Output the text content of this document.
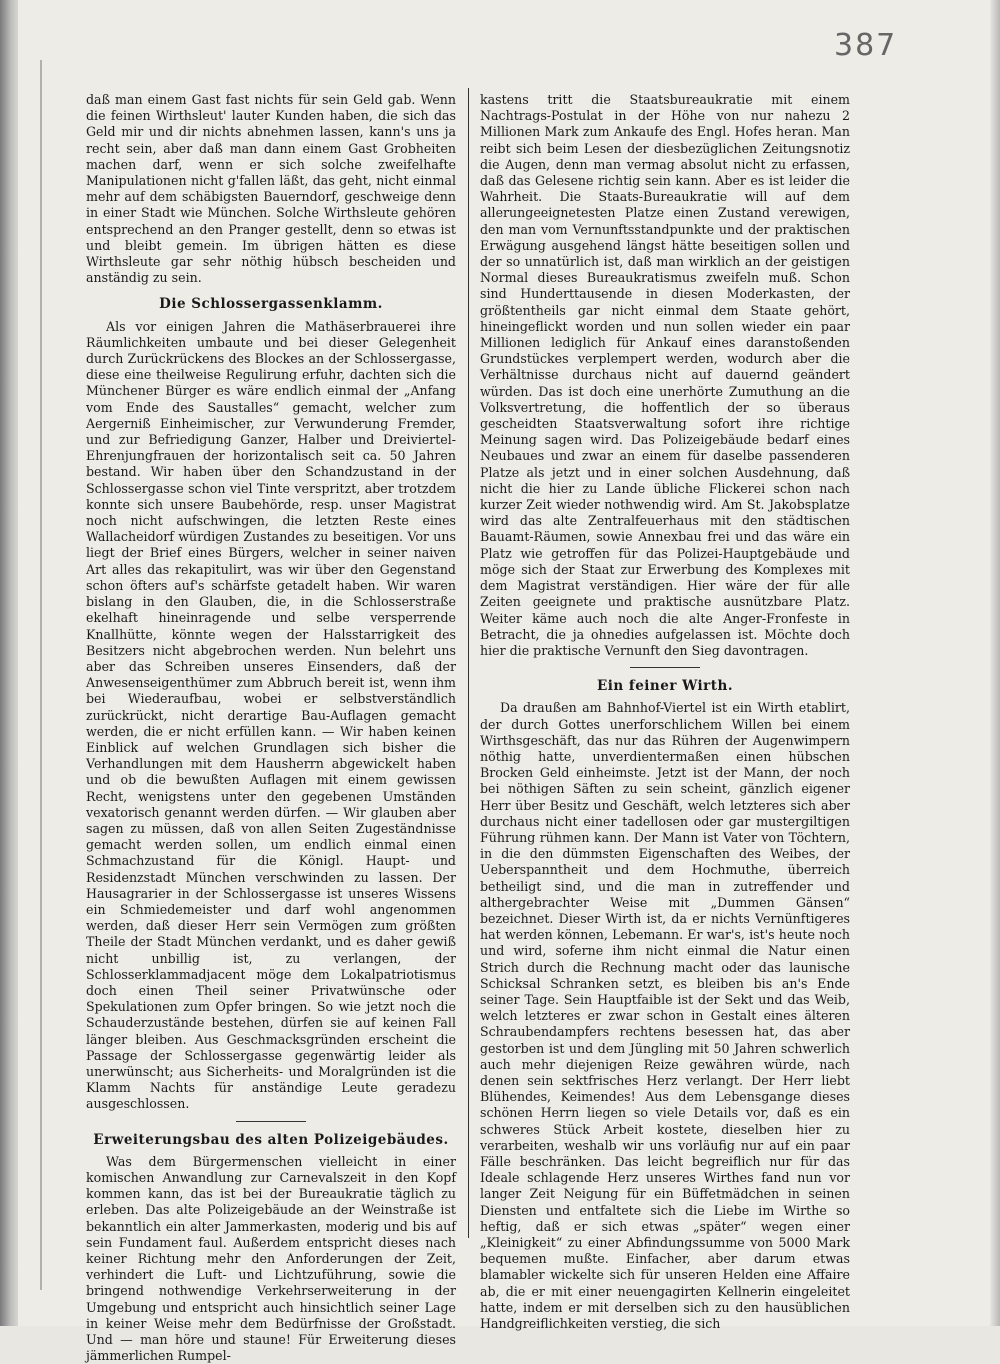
387

daß man einem Gast fast nichts für sein Geld gab. Wenn die feinen Wirthsleut' lauter Kunden haben, die sich das Geld mir und dir nichts abnehmen lassen, kann's uns ja recht sein, aber daß man dann einem Gast Grobheiten machen darf, wenn er sich solche zweifelhafte Manipulationen nicht g'fallen läßt, das geht, nicht einmal mehr auf dem schäbigsten Bauerndorf, geschweige denn in einer Stadt wie München. Solche Wirthsleute gehören entsprechend an den Pranger gestellt, denn so etwas ist und bleibt gemein. Im übrigen hätten es diese Wirthsleute gar sehr nöthig hübsch bescheiden und anständig zu sein.

Die Schlossergassenklamm.

Als vor einigen Jahren die Mathäserbrauerei ihre Räumlichkeiten umbaute und bei dieser Gelegenheit durch Zurückrückens des Blockes an der Schlossergasse, diese eine theilweise Regulirung erfuhr, dachten sich die Münchener Bürger es wäre endlich einmal der „Anfang vom Ende des Saustalles“ gemacht, welcher zum Aergerniß Einheimischer, zur Verwunderung Fremder, und zur Befriedigung Ganzer, Halber und Dreiviertel-Ehrenjungfrauen der horizontalisch seit ca. 50 Jahren bestand. Wir haben über den Schandzustand in der Schlossergasse schon viel Tinte verspritzt, aber trotzdem konnte sich unsere Baubehörde, resp. unser Magistrat noch nicht aufschwingen, die letzten Reste eines Wallacheidorf würdigen Zustandes zu beseitigen. Vor uns liegt der Brief eines Bürgers, welcher in seiner naiven Art alles das rekapitulirt, was wir über den Gegenstand schon öfters auf's schärfste getadelt haben. Wir waren bislang in den Glauben, die, in die Schlosserstraße ekelhaft hineinragende und selbe versperrende Knallhütte, könnte wegen der Halsstarrigkeit des Besitzers nicht abgebrochen werden. Nun belehrt uns aber das Schreiben unseres Einsenders, daß der Anwesenseigenthümer zum Abbruch bereit ist, wenn ihm bei Wiederaufbau, wobei er selbstverständlich zurückrückt, nicht derartige Bau-Auflagen gemacht werden, die er nicht erfüllen kann. — Wir haben keinen Einblick auf welchen Grundlagen sich bisher die Verhandlungen mit dem Hausherrn abgewickelt haben und ob die bewußten Auflagen mit einem gewissen Recht, wenigstens unter den gegebenen Umständen vexatorisch genannt werden dürfen. — Wir glauben aber sagen zu müssen, daß von allen Seiten Zugeständnisse gemacht werden sollen, um endlich einmal einen Schmachzustand für die Königl. Haupt- und Residenzstadt München verschwinden zu lassen. Der Hausagrarier in der Schlossergasse ist unseres Wissens ein Schmiedemeister und darf wohl angenommen werden, daß dieser Herr sein Vermögen zum größten Theile der Stadt München verdankt, und es daher gewiß nicht unbillig ist, zu verlangen, der Schlosserklammadjacent möge dem Lokalpatriotismus doch einen Theil seiner Privatwünsche oder Spekulationen zum Opfer bringen. So wie jetzt noch die Schauderzustände bestehen, dürfen sie auf keinen Fall länger bleiben. Aus Geschmacksgründen erscheint die Passage der Schlossergasse gegenwärtig leider als unerwünscht; aus Sicherheits- und Moralgründen ist die Klamm Nachts für anständige Leute geradezu ausgeschlossen.

Erweiterungsbau des alten Polizeigebäudes.

Was dem Bürgermenschen vielleicht in einer komischen Anwandlung zur Carnevalszeit in den Kopf kommen kann, das ist bei der Bureaukratie täglich zu erleben. Das alte Polizeigebäude an der Weinstraße ist bekanntlich ein alter Jammerkasten, moderig und bis auf sein Fundament faul. Außerdem entspricht dieses nach keiner Richtung mehr den Anforderungen der Zeit, verhindert die Luft- und Lichtzuführung, sowie die bringend nothwendige Verkehrserweiterung in der Umgebung und entspricht auch hinsichtlich seiner Lage in keiner Weise mehr dem Bedürfnisse der Großstadt. Und — man höre und staune! Für Erweiterung dieses jämmerlichen Rumpel-

kastens tritt die Staatsbureaukratie mit einem Nachtrags-Postulat in der Höhe von nur nahezu 2 Millionen Mark zum Ankaufe des Engl. Hofes heran. Man reibt sich beim Lesen der diesbezüglichen Zeitungsnotiz die Augen, denn man vermag absolut nicht zu erfassen, daß das Gelesene richtig sein kann. Aber es ist leider die Wahrheit. Die Staats-Bureaukratie will auf dem allerungeeignetesten Platze einen Zustand verewigen, den man vom Vernunftsstandpunkte und der praktischen Erwägung ausgehend längst hätte beseitigen sollen und der so unnatürlich ist, daß man wirklich an der geistigen Normal dieses Bureaukratismus zweifeln muß. Schon sind Hunderttausende in diesen Moderkasten, der größtentheils gar nicht einmal dem Staate gehört, hineingeflickt worden und nun sollen wieder ein paar Millionen lediglich für Ankauf eines daranstoßenden Grundstückes verplempert werden, wodurch aber die Verhältnisse durchaus nicht auf dauernd geändert würden. Das ist doch eine unerhörte Zumuthung an die Volksvertretung, die hoffentlich der so überaus gescheidten Staatsverwaltung sofort ihre richtige Meinung sagen wird. Das Polizeigebäude bedarf eines Neubaues und zwar an einem für daselbe passenderen Platze als jetzt und in einer solchen Ausdehnung, daß nicht die hier zu Lande übliche Flickerei schon nach kurzer Zeit wieder nothwendig wird. Am St. Jakobsplatze wird das alte Zentralfeuerhaus mit den städtischen Bauamt-Räumen, sowie Annexbau frei und das wäre ein Platz wie getroffen für das Polizei-Hauptgebäude und möge sich der Staat zur Erwerbung des Komplexes mit dem Magistrat verständigen. Hier wäre der für alle Zeiten geeignete und praktische ausnützbare Platz. Weiter käme auch noch die alte Anger-Fronfeste in Betracht, die ja ohnedies aufgelassen ist. Möchte doch hier die praktische Vernunft den Sieg davontragen.

Ein feiner Wirth.

Da draußen am Bahnhof-Viertel ist ein Wirth etablirt, der durch Gottes unerforschlichem Willen bei einem Wirthsgeschäft, das nur das Rühren der Augenwimpern nöthig hatte, unverdientermaßen einen hübschen Brocken Geld einheimste. Jetzt ist der Mann, der noch bei nöthigen Säften zu sein scheint, gänzlich eigener Herr über Besitz und Geschäft, welch letzteres sich aber durchaus nicht einer tadellosen oder gar mustergiltigen Führung rühmen kann. Der Mann ist Vater von Töchtern, in die den dümmsten Eigenschaften des Weibes, der Ueberspanntheit und dem Hochmuthe, überreich betheiligt sind, und die man in zutreffender und althergebrachter Weise mit „Dummen Gänsen“ bezeichnet. Dieser Wirth ist, da er nichts Vernünftigeres hat werden können, Lebemann. Er war's, ist's heute noch und wird, soferne ihm nicht einmal die Natur einen Strich durch die Rechnung macht oder das launische Schicksal Schranken setzt, es bleiben bis an's Ende seiner Tage. Sein Hauptfaible ist der Sekt und das Weib, welch letzteres er zwar schon in Gestalt eines älteren Schraubendampfers rechtens besessen hat, das aber gestorben ist und dem Jüngling mit 50 Jahren schwerlich auch mehr diejenigen Reize gewähren würde, nach denen sein sektfrisches Herz verlangt. Der Herr liebt Blühendes, Keimendes! Aus dem Lebensgange dieses schönen Herrn liegen so viele Details vor, daß es ein schweres Stück Arbeit kostete, dieselben hier zu verarbeiten, weshalb wir uns vorläufig nur auf ein paar Fälle beschränken. Das leicht begreiflich nur für das Ideale schlagende Herz unseres Wirthes fand nun vor langer Zeit Neigung für ein Büffetmädchen in seinen Diensten und entfaltete sich die Liebe im Wirthe so heftig, daß er sich etwas „später“ wegen einer „Kleinigkeit“ zu einer Abfindungssumme von 5000 Mark bequemen mußte. Einfacher, aber darum etwas blamabler wickelte sich für unseren Helden eine Affaire ab, die er mit einer neuengagirten Kellnerin eingeleitet hatte, indem er mit derselben sich zu den hausüblichen Handgreiflichkeiten verstieg, die sich
